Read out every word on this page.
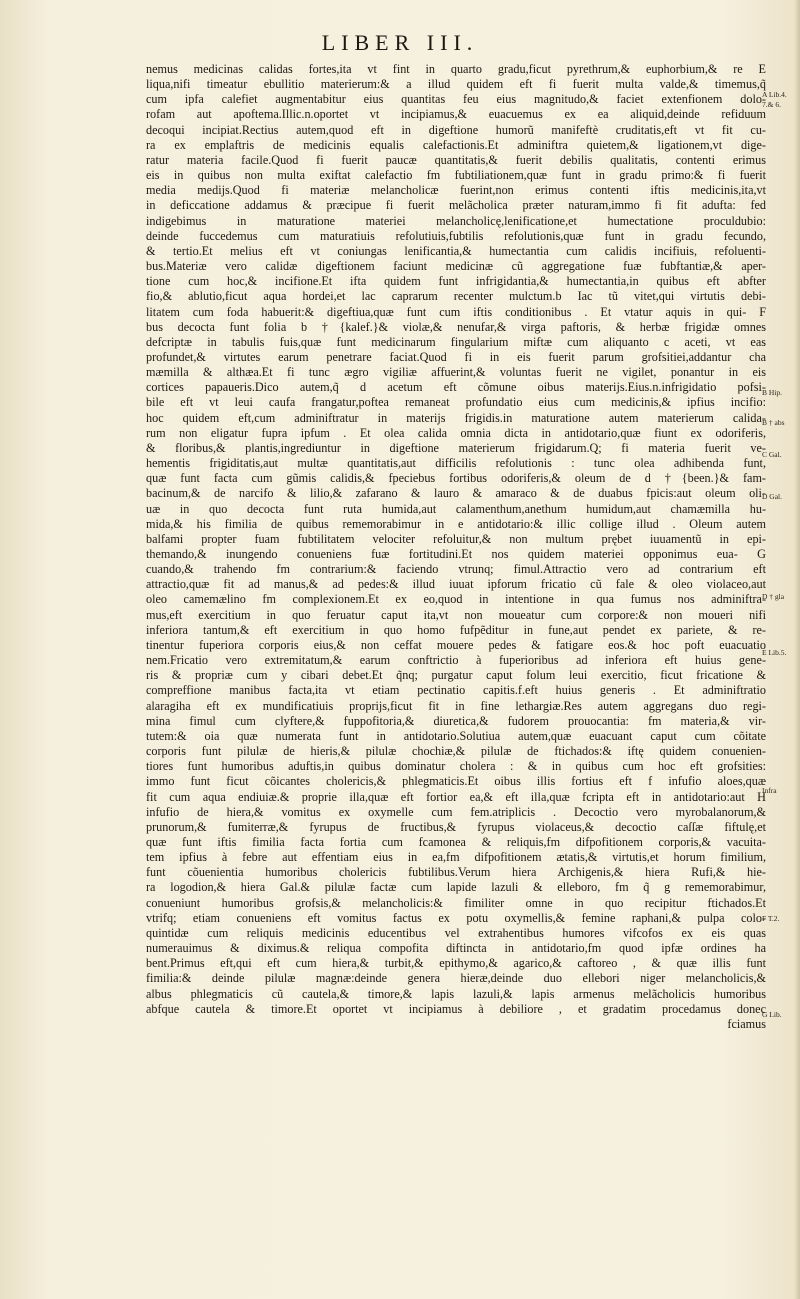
LIBER III.
nemus medicinas calidas fortes,ita vt fint in quarto gradu,ficut pyrethrum,& euphorbium,& re E
liqua,nifi timeatur ebullitio materierum:& a illud quidem eft fi fuerit multa valde,& timemus,q̃
cum ipfa calefiet augmentabitur eius quantitas feu eius magnitudo,& faciet extenfionem dolo-
rofam aut apoftema.Illic.n.oportet vt incipiamus,& euacuemus ex ea aliquid,deinde refiduum
decoqui incipiat.Rectius autem,quod eft in digeftione humorũ manifeftè cruditatis,eft vt fit cu-
ra ex emplaftris de medicinis equalis calefactionis.Et adminiftra quietem,& ligationem,vt dige-
ratur materia facile.Quod fi fuerit paucæ quantitatis,& fuerit debilis qualitatis, contenti erimus
eis in quibus non multa exiftat calefactio fm fubtiliationem,quæ funt in gradu primo:& fi fuerit
media medijs.Quod fi materiæ melancholicæ fuerint,non erimus contenti iftis medicinis,ita,vt
in deficcatione addamus & præcipue fi fuerit melãcholica præter naturam,immo fi fit adufta: fed
indigebimus in maturatione materiei melancholicę,lenificatione,et humectatione proculdubio:
deinde fuccedemus cum maturatiuis refolutiuis,fubtilis refolutionis,quæ funt in gradu fecundo,
& tertio.Et melius eft vt coniungas lenificantia,& humectantia cum calidis incifiuis, refoluenti-
bus.Materiæ vero calidæ digeftionem faciunt medicinæ cũ aggregatione fuæ fubftantiæ,& aper-
tione cum hoc,& incifione.Et ifta quidem funt infrigidantia,& humectantia,in quibus eft abfter
fio,& ablutio,ficut aqua hordei,et lac caprarum recenter mulctum.b Iac tũ vitet,qui virtutis debi-
litatem cum foda habuerit:& digeftiua,quæ funt cum iftis conditionibus . Et vtatur aquis in qui- F
bus decocta funt folia b †{kalef.}& violæ,& nenufar,& virga paftoris, & herbæ frigidæ omnes
defcriptæ in tabulis fuis,quæ funt medicinarum fingularium miftæ cum aliquanto c aceti, vt eas
profundet,& virtutes earum penetrare faciat.Quod fi in eis fuerit parum grofsitiei,addantur cha
mæmilla & althæa.Et fi tunc ægro vigiliæ affuerint,& voluntas fuerit ne vigilet, ponantur in eis
cortices papaueris.Dico autem,q̃ d acetum eft cõmune oibus materijs.Eius.n.infrigidatio pofsi-
bile eft vt leui caufa frangatur,poftea remaneat profundatio eius cum medicinis,& ipfius incifio:
hoc quidem eft,cum adminiftratur in materijs frigidis.in maturatione autem materierum calida-
rum non eligatur fupra ipfum . Et olea calida omnia dicta in antidotario,quæ fiunt ex odoriferis,
& floribus,& plantis,ingrediuntur in digeftione materierum frigidarum.Q; fi materia fuerit ve-
hementis frigiditatis,aut multæ quantitatis,aut difficilis refolutionis : tunc olea adhibenda funt,
quæ funt facta cum gũmis calidis,& fpeciebus fortibus odoriferis,& oleum de d †{been.}& fam-
bacinum,& de narcifo & lilio,& zafarano & lauro & amaraco & de duabus fpicis:aut oleum oli-
uæ in quo decocta funt ruta humida,aut calamenthum,anethum humidum,aut chamæmilla hu-
mida,& his fimilia de quibus rememorabimur in e antidotario:& illic collige illud . Oleum autem
balfami propter fuam fubtilitatem velociter refoluitur,& non multum prębet iuuamentũ in epi-
themando,& inungendo conueniens fuæ fortitudini.Et nos quidem materiei opponimus eua- G
cuando,& trahendo fm contrarium:& faciendo vtrunq; fimul.Attractio vero ad contrarium eft
attractio,quæ fit ad manus,& ad pedes:& illud iuuat ipforum fricatio cũ fale & oleo violaceo,aut
oleo camemælino fm complexionem.Et ex eo,quod in intentione in qua fumus nos adminiftra-
mus,eft exercitium in quo feruatur caput ita,vt non moueatur cum corpore:& non moueri nifi
inferiora tantum,& eft exercitium in quo homo fufpẽditur in fune,aut pendet ex pariete, & re-
tinentur fuperiora corporis eius,& non ceffat mouere pedes & fatigare eos.& hoc poft euacuatio
nem.Fricatio vero extremitatum,& earum conftrictio à fuperioribus ad inferiora eft huius gene-
ris & propriæ cum y cibari debet.Et q̃nq; purgatur caput folum leui exercitio, ficut fricatione &
compreffione manibus facta,ita vt etiam pectinatio capitis.f.eft huius generis . Et adminiftratio
alaragiha eft ex mundificatiuis proprijs,ficut fit in fine lethargiæ.Res autem aggregans duo regi-
mina fimul cum clyftere,& fuppofitoria,& diuretica,& fudorem prouocantia: fm materia,& vir-
tutem:& oia quæ numerata funt in antidotario.Solutiua autem,quæ euacuant caput cum cõitate
corporis funt pilulæ de hieris,& pilulæ chochiæ,& pilulæ de ftichados:& iftę quidem conuenien-
tiores funt humoribus aduftis,in quibus dominatur cholera : & in quibus cum hoc eft grofsities:
immo funt ficut cõicantes cholericis,& phlegmaticis.Et oibus illis fortius eft f infufio aloes,quæ
fit cum aqua endiuiæ.& proprie illa,quæ eft fortior ea,& eft illa,quæ fcripta eft in antidotario:aut H
infufio de hiera,& vomitus ex oxymelle cum fem.atriplicis . Decoctio vero myrobalanorum,&
prunorum,& fumiterræ,& fyrupus de fructibus,& fyrupus violaceus,& decoctio caſſæ fiftulę,et
quæ funt iftis fimilia facta fortia cum fcamonea & reliquis,fm difpofitionem corporis,& vacuita-
tem ipfius à febre aut effentiam eius in ea,fm difpofitionem ætatis,& virtutis,et horum fimilium,
funt cõuenientia humoribus cholericis fubtilibus.Verum hiera Archigenis,& hiera Rufi,& hie-
ra logodion,& hiera Gal.& pilulæ factæ cum lapide lazuli & elleboro, fm q̃ g rememorabimur,
conueniunt humoribus grofsis,& melancholicis:& fimiliter omne in quo recipitur ftichados.Et
vtrifq; etiam conueniens eft vomitus factus ex potu oxymellis,& femine raphani,& pulpa colo-
quintidæ cum reliquis medicinis educentibus vel extrahentibus humores vifcofos ex eis quas
numerauimus & diximus.& reliqua compofita diftincta in antidotario,fm quod ipfæ ordines ha
bent.Primus eft,qui eft cum hiera,& turbit,& epithymo,& agarico,& caftoreo , & quæ illis funt
fimilia:& deinde pilulæ magnæ:deinde genera hieræ,deinde duo ellebori niger melancholicis,&
albus phlegmaticis cũ cautela,& timore,& lapis lazuli,& lapis armenus melãcholicis humoribus
abfque cautela & timore.Et oportet vt incipiamus à debiliore , et gradatim procedamus donec
fciamus
A Lib.4.
7.& 6.
B Hip.
B † abs
C Gal.
D Gal.
D † gla
E Lib.5.
Infra
F T.2.
G Lib.
